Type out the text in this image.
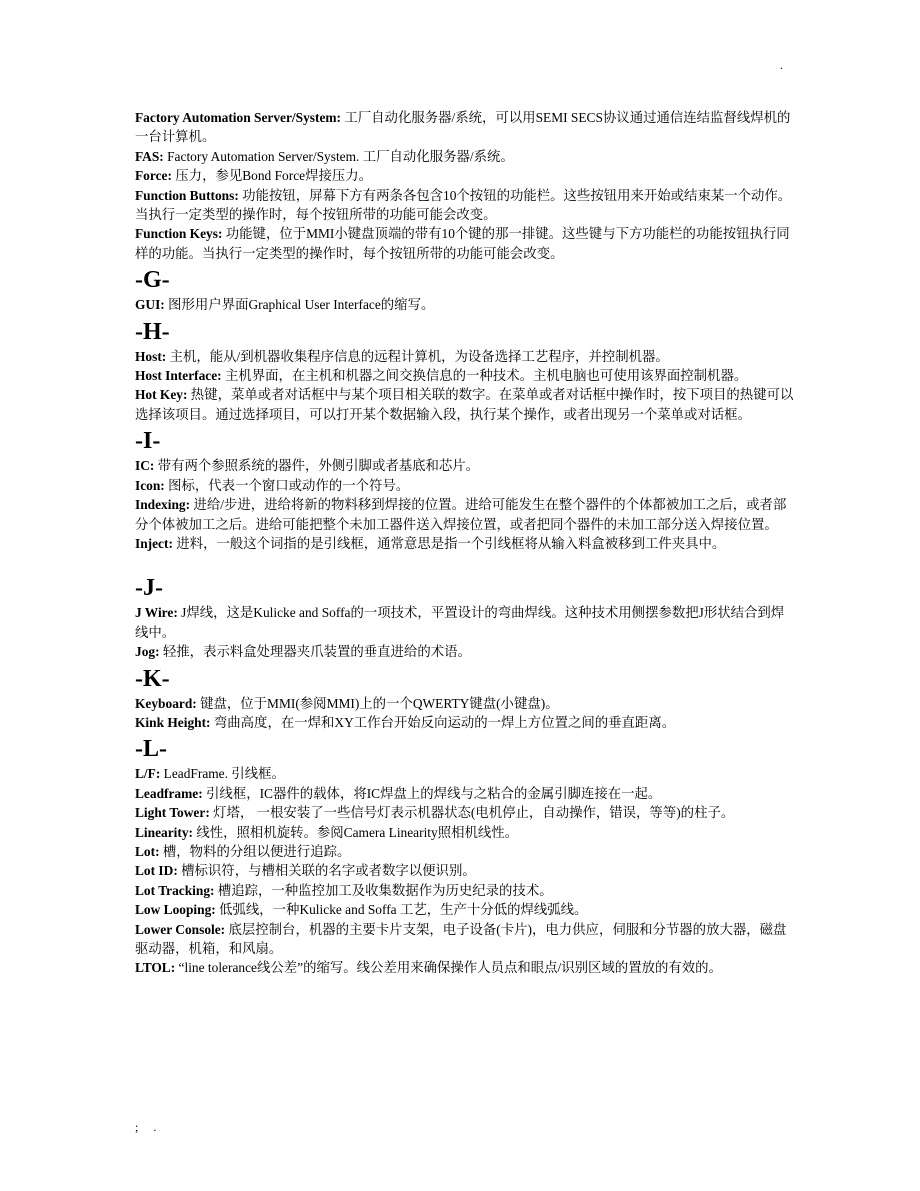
.

Factory Automation Server/System: 工厂自动化服务器/系统，可以用SEMI SECS协议通过通信连结监督线焊机的一台计算机。

FAS: Factory Automation Server/System. 工厂自动化服务器/系统。

Force: 压力，参见Bond Force焊接压力。

Function Buttons: 功能按钮，屏幕下方有两条各包含10个按钮的功能栏。这些按钮用来开始或结束某一个动作。当执行一定类型的操作时，每个按钮所带的功能可能会改变。

Function Keys: 功能键，位于MMI小键盘顶端的带有10个键的那一排键。这些键与下方功能栏的功能按钮执行同样的功能。当执行一定类型的操作时，每个按钮所带的功能可能会改变。

-G-

GUI: 图形用户界面Graphical User Interface的缩写。

-H-

Host: 主机，能从/到机器收集程序信息的远程计算机，为设备选择工艺程序，并控制机器。

Host Interface: 主机界面，在主机和机器之间交换信息的一种技术。主机电脑也可使用该界面控制机器。

Hot Key: 热键，菜单或者对话框中与某个项目相关联的数字。在菜单或者对话框中操作时，按下项目的热键可以选择该项目。通过选择项目，可以打开某个数据输入段，执行某个操作，或者出现另一个菜单或对话框。

-I-

IC: 带有两个参照系统的器件，外侧引脚或者基底和芯片。

Icon: 图标，代表一个窗口或动作的一个符号。

Indexing: 进给/步进，进给将新的物料移到焊接的位置。进给可能发生在整个器件的个体都被加工之后，或者部分个体被加工之后。进给可能把整个未加工器件送入焊接位置，或者把同个器件的未加工部分送入焊接位置。

Inject: 进料，一般这个词指的是引线框，通常意思是指一个引线框将从输入料盒被移到工件夹具中。

-J-

J Wire: J焊线，这是Kulicke and Soffa的一项技术，平置设计的弯曲焊线。这种技术用侧摆参数把J形状结合到焊线中。

Jog: 轻推，表示料盒处理器夹爪装置的垂直进给的术语。

-K-

Keyboard: 键盘，位于MMI(参阅MMI)上的一个QWERTY键盘(小键盘)。

Kink Height: 弯曲高度，在一焊和XY工作台开始反向运动的一焊上方位置之间的垂直距离。

-L-

L/F: LeadFrame. 引线框。

Leadframe: 引线框，IC器件的载体，将IC焊盘上的焊线与之粘合的金属引脚连接在一起。

Light Tower: 灯塔， 一根安装了一些信号灯表示机器状态(电机停止，自动操作，错误，等等)的柱子。

Linearity: 线性，照相机旋转。参阅Camera Linearity照相机线性。

Lot: 槽，物料的分组以便进行追踪。

Lot ID: 槽标识符，与槽相关联的名字或者数字以便识别。

Lot Tracking: 槽追踪，一种监控加工及收集数据作为历史纪录的技术。

Low Looping: 低弧线，一种Kulicke and Soffa 工艺，生产十分低的焊线弧线。

Lower Console: 底层控制台，机器的主要卡片支架，电子设备(卡片)，电力供应，伺服和分节器的放大器，磁盘驱动器，机箱，和风扇。

LTOL: “line tolerance线公差”的缩写。线公差用来确保操作人员点和眼点/识别区域的置放的有效的。

; .
